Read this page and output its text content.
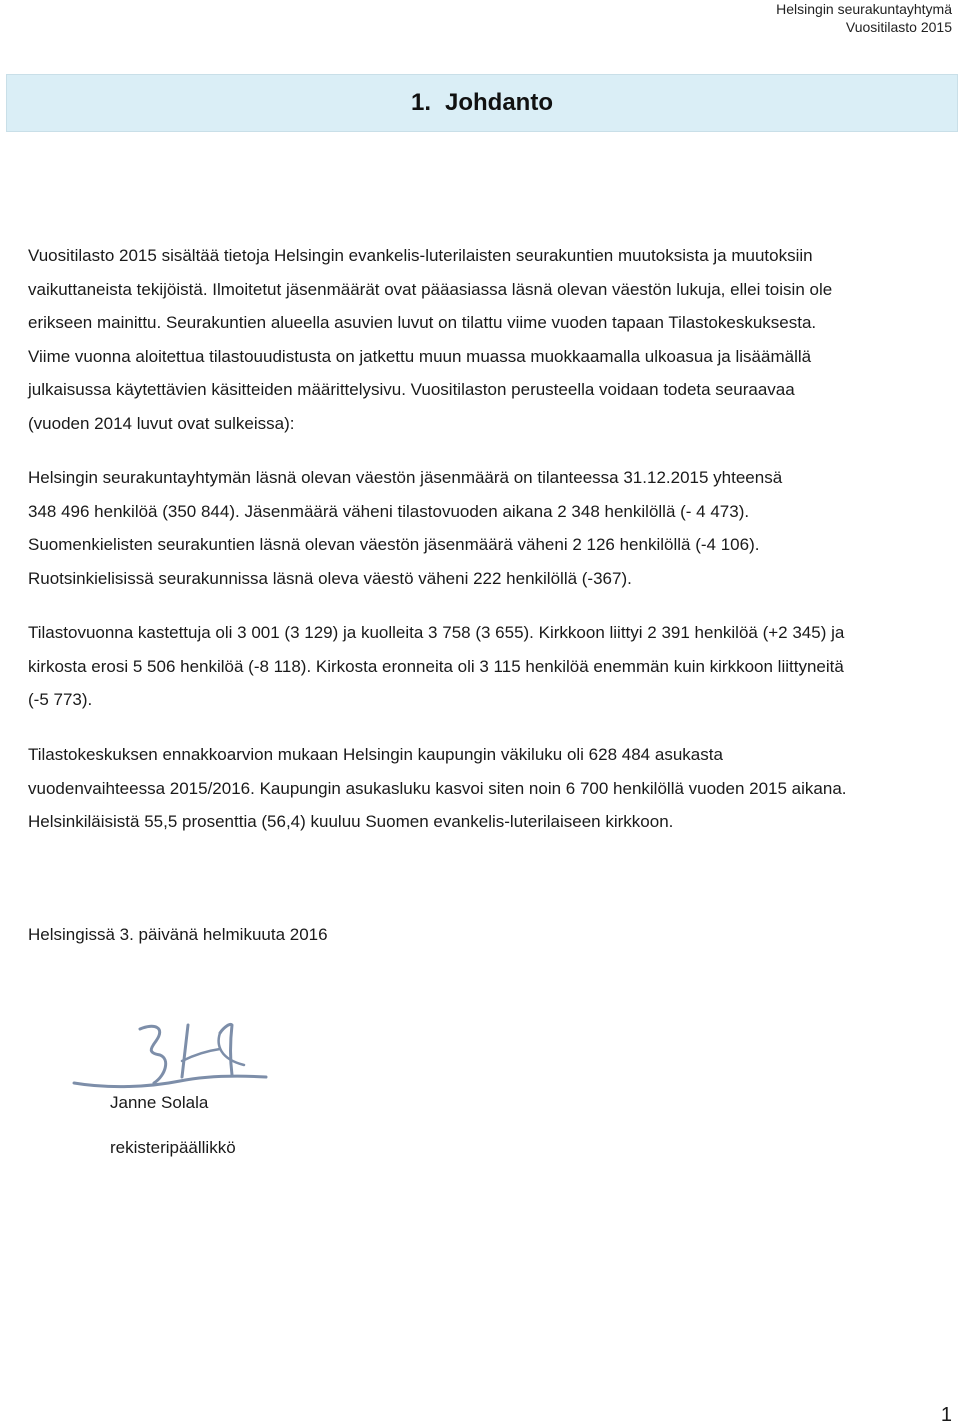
Helsingin seurakuntayhtymä
Vuositilasto 2015
1. Johdanto

Vuositilasto 2015 sisältää tietoja Helsingin evankelis-luterilaisten seurakuntien muutoksista ja muutoksiin
vaikuttaneista tekijöistä. Ilmoitetut jäsenmäärät ovat pääasiassa läsnä olevan väestön lukuja, ellei toisin ole
erikseen mainittu. Seurakuntien alueella asuvien luvut on tilattu viime vuoden tapaan Tilastokeskuksesta.
Viime vuonna aloitettua tilastouudistusta on jatkettu muun muassa muokkaamalla ulkoasua ja lisäämällä
julkaisussa käytettävien käsitteiden määrittelysivu. Vuositilaston perusteella voidaan todeta seuraavaa
(vuoden 2014 luvut ovat sulkeissa):

Helsingin seurakuntayhtymän läsnä olevan väestön jäsenmäärä on tilanteessa 31.12.2015 yhteensä
348 496 henkilöä (350 844). Jäsenmäärä väheni tilastovuoden aikana 2 348 henkilöllä (- 4 473).
Suomenkielisten seurakuntien läsnä olevan väestön jäsenmäärä väheni 2 126 henkilöllä (-4 106).
Ruotsinkielisissä seurakunnissa läsnä oleva väestö väheni 222 henkilöllä (-367).

Tilastovuonna kastettuja oli 3 001 (3 129) ja kuolleita 3 758 (3 655). Kirkkoon liittyi 2 391 henkilöä (+2 345) ja
kirkosta erosi 5 506 henkilöä (-8 118). Kirkosta eronneita oli 3 115 henkilöä enemmän kuin kirkkoon liittyneitä
(-5 773).

Tilastokeskuksen ennakkoarvion mukaan Helsingin kaupungin väkiluku oli 628 484 asukasta
vuodenvaihteessa 2015/2016. Kaupungin asukasluku kasvoi siten noin 6 700 henkilöllä vuoden 2015 aikana.
Helsinkiläisistä 55,5 prosenttia (56,4) kuuluu Suomen evankelis-luterilaiseen kirkkoon.

Helsingissä 3. päivänä helmikuuta 2016

Janne Solala

rekisteripäällikkö

1
